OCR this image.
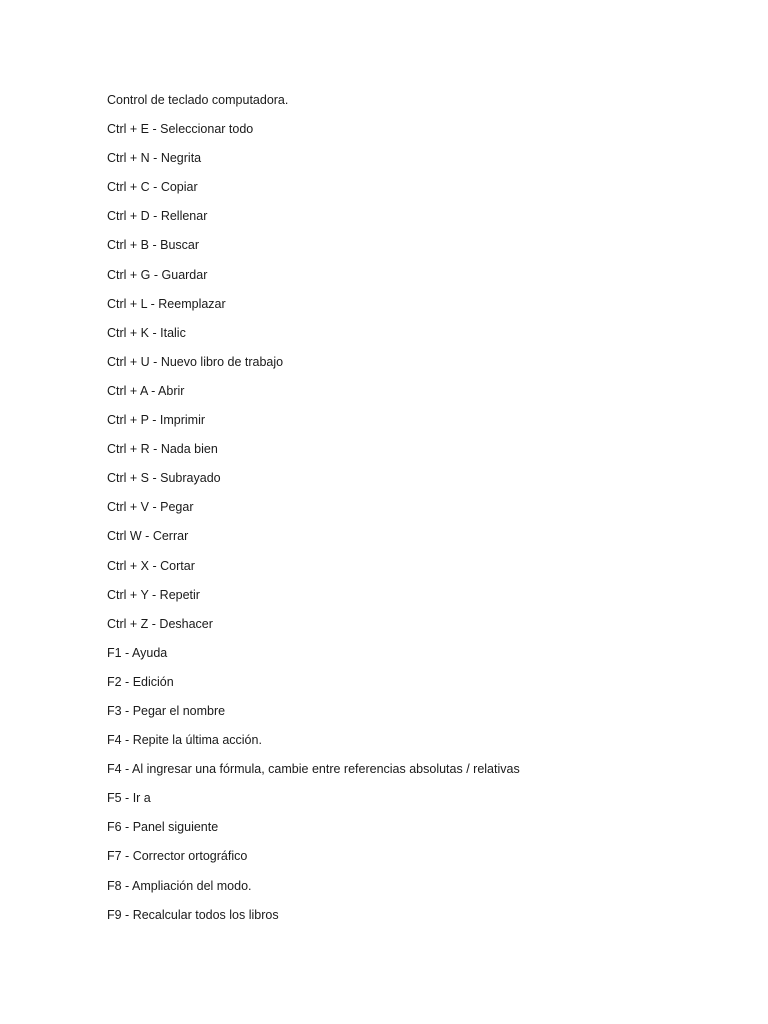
Control de teclado computadora.
Ctrl + E - Seleccionar todo
Ctrl + N - Negrita
Ctrl + C - Copiar
Ctrl + D - Rellenar
Ctrl + B - Buscar
Ctrl + G - Guardar
Ctrl + L - Reemplazar
Ctrl + K - Italic
Ctrl + U - Nuevo libro de trabajo
Ctrl + A - Abrir
Ctrl + P - Imprimir
Ctrl + R - Nada bien
Ctrl + S - Subrayado
Ctrl + V - Pegar
Ctrl W - Cerrar
Ctrl + X - Cortar
Ctrl + Y - Repetir
Ctrl + Z - Deshacer
F1 - Ayuda
F2 - Edición
F3 - Pegar el nombre
F4 - Repite la última acción.
F4 - Al ingresar una fórmula, cambie entre referencias absolutas / relativas
F5 - Ir a
F6 - Panel siguiente
F7 - Corrector ortográfico
F8 - Ampliación del modo.
F9 - Recalcular todos los libros
